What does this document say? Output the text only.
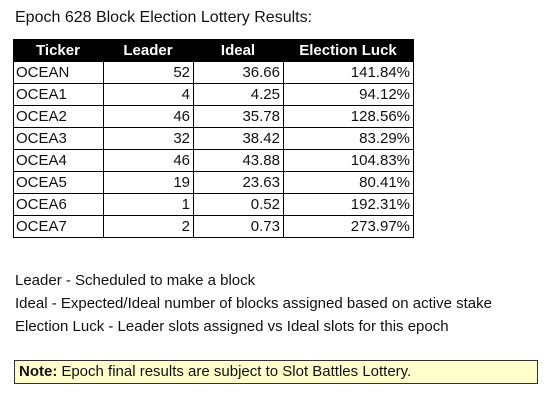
Epoch 628 Block Election Lottery Results:
Ticker	Leader	Ideal	Election Luck
OCEAN	52	36.66	141.84%
OCEA1	4	4.25	94.12%
OCEA2	46	35.78	128.56%
OCEA3	32	38.42	83.29%
OCEA4	46	43.88	104.83%
OCEA5	19	23.63	80.41%
OCEA6	1	0.52	192.31%
OCEA7	2	0.73	273.97%
Leader - Scheduled to make a block
Ideal - Expected/Ideal number of blocks assigned based on active stake
Election Luck - Leader slots assigned vs Ideal slots for this epoch
Note: Epoch final results are subject to Slot Battles Lottery.
